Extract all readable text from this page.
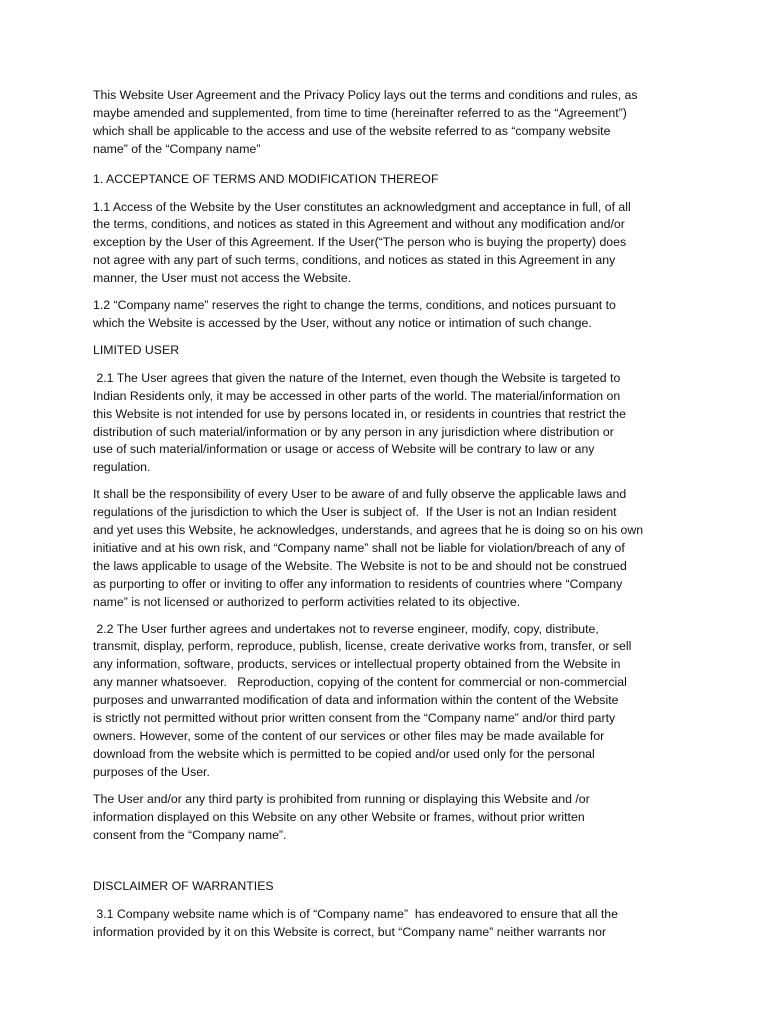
This Website User Agreement and the Privacy Policy lays out the terms and conditions and rules, as
maybe amended and supplemented, from time to time (hereinafter referred to as the “Agreement”)
which shall be applicable to the access and use of the website referred to as “company website
name” of the “Company name”

1. ACCEPTANCE OF TERMS AND MODIFICATION THEREOF

1.1 Access of the Website by the User constitutes an acknowledgment and acceptance in full, of all
the terms, conditions, and notices as stated in this Agreement and without any modification and/or
exception by the User of this Agreement. If the User(“The person who is buying the property) does
not agree with any part of such terms, conditions, and notices as stated in this Agreement in any
manner, the User must not access the Website.

1.2 “Company name” reserves the right to change the terms, conditions, and notices pursuant to
which the Website is accessed by the User, without any notice or intimation of such change.

LIMITED USER

2.1 The User agrees that given the nature of the Internet, even though the Website is targeted to
Indian Residents only, it may be accessed in other parts of the world. The material/information on
this Website is not intended for use by persons located in, or residents in countries that restrict the
distribution of such material/information or by any person in any jurisdiction where distribution or
use of such material/information or usage or access of Website will be contrary to law or any
regulation.

It shall be the responsibility of every User to be aware of and fully observe the applicable laws and
regulations of the jurisdiction to which the User is subject of.  If the User is not an Indian resident
and yet uses this Website, he acknowledges, understands, and agrees that he is doing so on his own
initiative and at his own risk, and “Company name” shall not be liable for violation/breach of any of
the laws applicable to usage of the Website. The Website is not to be and should not be construed
as purporting to offer or inviting to offer any information to residents of countries where “Company
name” is not licensed or authorized to perform activities related to its objective.

2.2 The User further agrees and undertakes not to reverse engineer, modify, copy, distribute,
transmit, display, perform, reproduce, publish, license, create derivative works from, transfer, or sell
any information, software, products, services or intellectual property obtained from the Website in
any manner whatsoever.   Reproduction, copying of the content for commercial or non-commercial
purposes and unwarranted modification of data and information within the content of the Website
is strictly not permitted without prior written consent from the “Company name” and/or third party
owners. However, some of the content of our services or other files may be made available for
download from the website which is permitted to be copied and/or used only for the personal
purposes of the User.

The User and/or any third party is prohibited from running or displaying this Website and /or
information displayed on this Website on any other Website or frames, without prior written
consent from the “Company name”.

DISCLAIMER OF WARRANTIES

3.1 Company website name which is of “Company name”  has endeavored to ensure that all the
information provided by it on this Website is correct, but “Company name” neither warrants nor
